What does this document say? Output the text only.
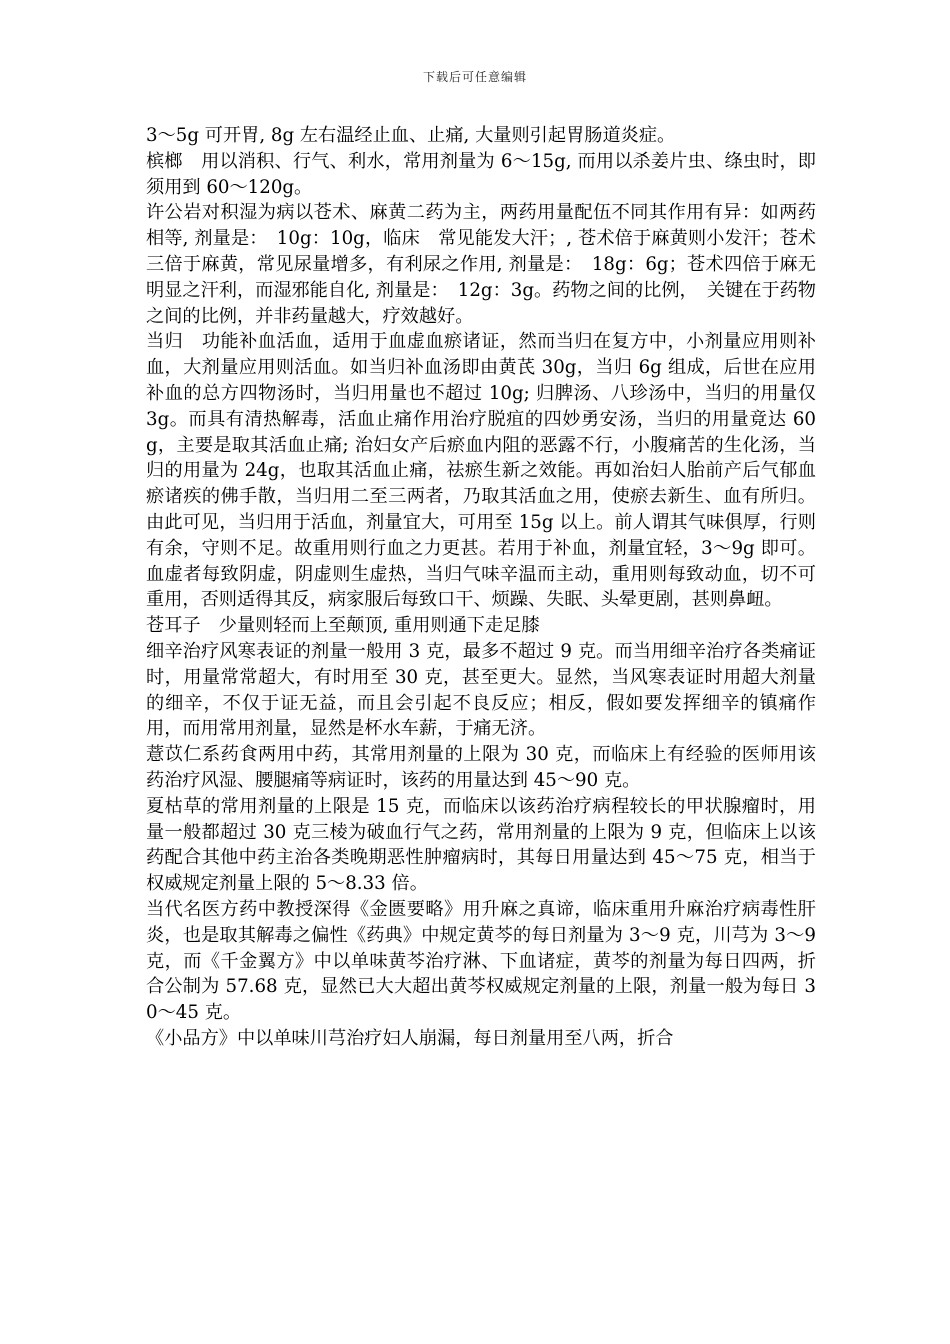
下载后可任意编辑

3～5g 可开胃, 8g 左右温经止血、止痛, 大量则引起胃肠道炎症。

槟榔　用以消积、行气、利水，常用剂量为 6～15g, 而用以杀姜片虫、绦虫时，即须用到 60～120g。

许公岩对积湿为病以苍术、麻黄二药为主，两药用量配伍不同其作用有异：如两药相等, 剂量是：　10g：10g，临床　常见能发大汗；, 苍术倍于麻黄则小发汗；苍术三倍于麻黄，常见尿量增多，有利尿之作用, 剂量是：　18g：6g；苍术四倍于麻无明显之汗利，而湿邪能自化, 剂量是：　12g：3g。药物之间的比例，　关键在于药物之间的比例，并非药量越大，疗效越好。

当归　功能补血活血，适用于血虚血瘀诸证，然而当归在复方中，小剂量应用则补血，大剂量应用则活血。如当归补血汤即由黄芪 30g，当归 6g 组成，后世在应用补血的总方四物汤时，当归用量也不超过 10g; 归脾汤、八珍汤中，当归的用量仅 3g。而具有清热解毒，活血止痛作用治疗脱疽的四妙勇安汤，当归的用量竟达 60g，主要是取其活血止痛; 治妇女产后瘀血内阻的恶露不行，小腹痛苦的生化汤，当归的用量为 24g，也取其活血止痛，祛瘀生新之效能。再如治妇人胎前产后气郁血瘀诸疾的佛手散，当归用二至三两者，乃取其活血之用，使瘀去新生、血有所归。由此可见，当归用于活血，剂量宜大，可用至 15g 以上。前人谓其气味俱厚，行则有余，守则不足。故重用则行血之力更甚。若用于补血，剂量宜轻，3～9g 即可。血虚者每致阴虚，阴虚则生虚热，当归气味辛温而主动，重用则每致动血，切不可重用，否则适得其反，病家服后每致口干、烦躁、失眠、头晕更剧，甚则鼻衄。

苍耳子　少量则轻而上至颠顶, 重用则通下走足膝

细辛治疗风寒表证的剂量一般用 3 克，最多不超过 9 克。而当用细辛治疗各类痛证时，用量常常超大，有时用至 30 克，甚至更大。显然，当风寒表证时用超大剂量的细辛，不仅于证无益，而且会引起不良反应；相反，假如要发挥细辛的镇痛作用，而用常用剂量，显然是杯水车薪，于痛无济。

薏苡仁系药食两用中药，其常用剂量的上限为 30 克，而临床上有经验的医师用该药治疗风湿、腰腿痛等病证时，该药的用量达到 45～90 克。

夏枯草的常用剂量的上限是 15 克，而临床以该药治疗病程较长的甲状腺瘤时，用量一般都超过 30 克三棱为破血行气之药，常用剂量的上限为 9 克，但临床上以该药配合其他中药主治各类晚期恶性肿瘤病时，其每日用量达到 45～75 克，相当于权威规定剂量上限的 5～8.33 倍。

当代名医方药中教授深得《金匮要略》用升麻之真谛，临床重用升麻治疗病毒性肝炎，也是取其解毒之偏性《药典》中规定黄芩的每日剂量为 3～9 克，川芎为 3～9 克，而《千金翼方》中以单味黄芩治疗淋、下血诸症，黄芩的剂量为每日四两，折合公制为 57.68 克，显然已大大超出黄芩权威规定剂量的上限，剂量一般为每日 30～45 克。

《小品方》中以单味川芎治疗妇人崩漏，每日剂量用至八两，折合
